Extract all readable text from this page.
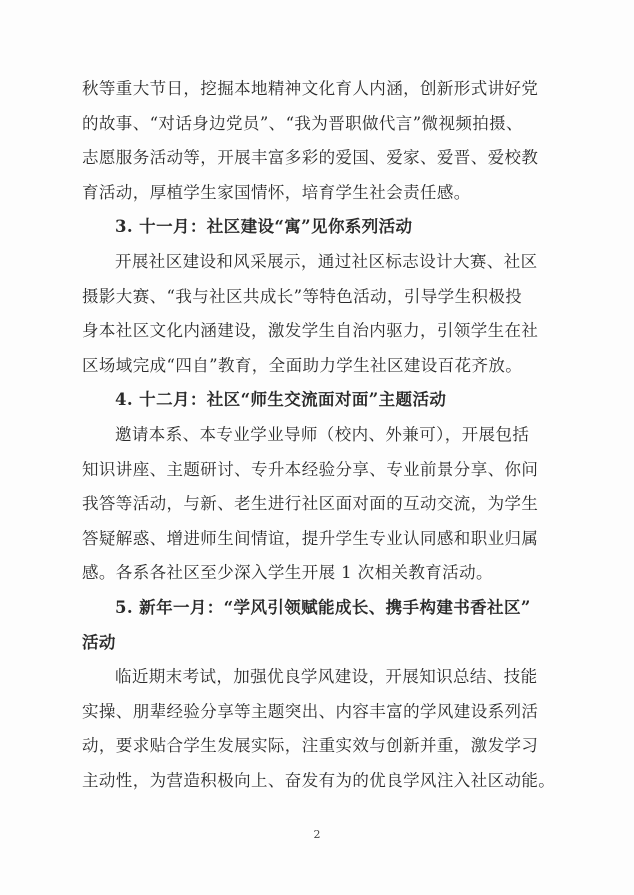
秋等重大节日，挖掘本地精神文化育人内涵，创新形式讲好党
的故事、“对话身边党员”、“我为晋职做代言”微视频拍摄、
志愿服务活动等，开展丰富多彩的爱国、爱家、爱晋、爱校教
育活动，厚植学生家国情怀，培育学生社会责任感。
3. 十一月：社区建设“寓”见你系列活动
开展社区建设和风采展示，通过社区标志设计大赛、社区
摄影大赛、“我与社区共成长”等特色活动，引导学生积极投
身本社区文化内涵建设，激发学生自治内驱力，引领学生在社
区场域完成“四自”教育，全面助力学生社区建设百花齐放。
4. 十二月：社区“师生交流面对面”主题活动
邀请本系、本专业学业导师（校内、外兼可），开展包括
知识讲座、主题研讨、专升本经验分享、专业前景分享、你问
我答等活动，与新、老生进行社区面对面的互动交流，为学生
答疑解惑、增进师生间情谊，提升学生专业认同感和职业归属
感。各系各社区至少深入学生开展 1 次相关教育活动。
5. 新年一月：“学风引领赋能成长、携手构建书香社区”
活动
临近期末考试，加强优良学风建设，开展知识总结、技能
实操、朋辈经验分享等主题突出、内容丰富的学风建设系列活
动，要求贴合学生发展实际，注重实效与创新并重，激发学习
主动性，为营造积极向上、奋发有为的优良学风注入社区动能。
2
